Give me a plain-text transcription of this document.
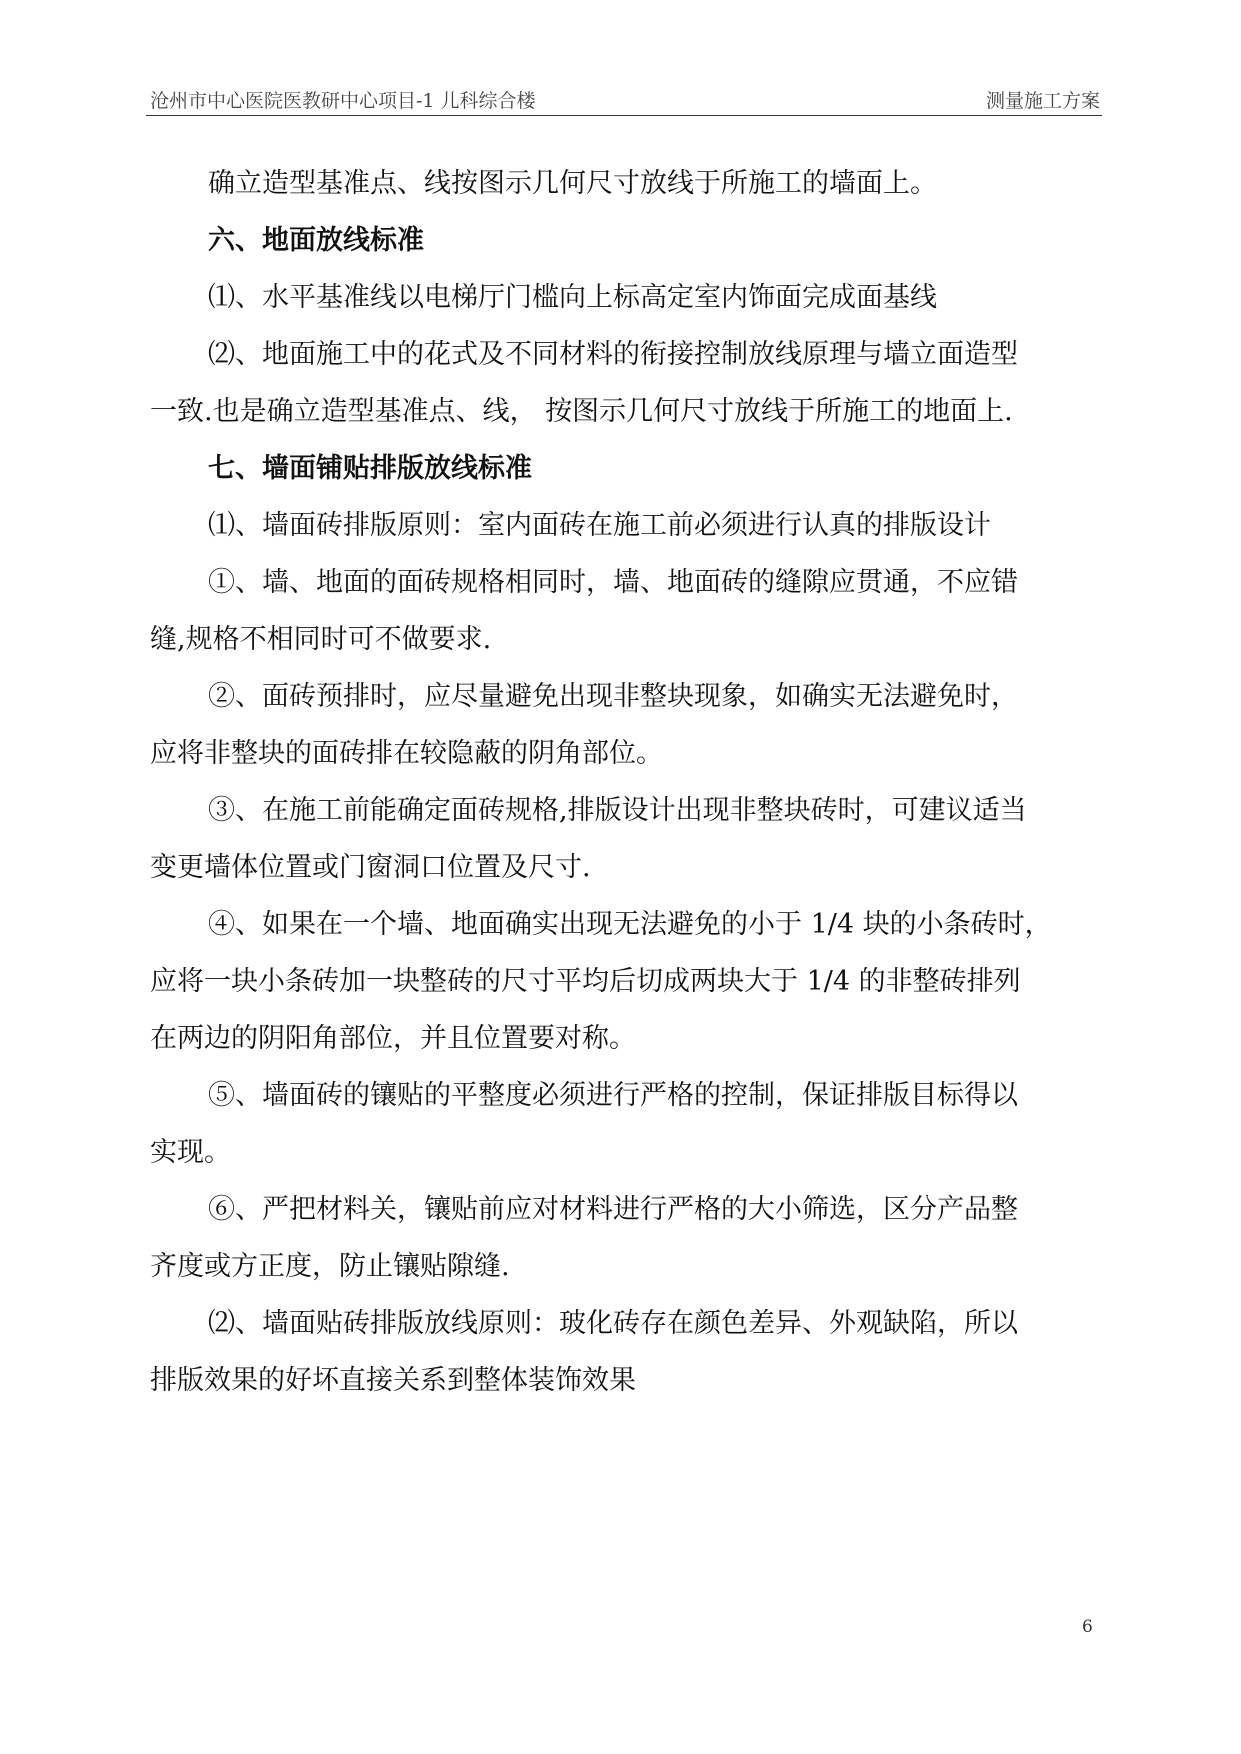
沧州市中心医院医教研中心项目-1 儿科综合楼	测量施工方案

确立造型基准点、线按图示几何尺寸放线于所施工的墙面上。

六、地面放线标准

⑴、水平基准线以电梯厅门槛向上标高定室内饰面完成面基线

⑵、地面施工中的花式及不同材料的衔接控制放线原理与墙立面造型

一致.也是确立造型基准点、线， 按图示几何尺寸放线于所施工的地面上.

七、墙面铺贴排版放线标准

⑴、墙面砖排版原则：室内面砖在施工前必须进行认真的排版设计

①、墙、地面的面砖规格相同时，墙、地面砖的缝隙应贯通，不应错

缝,规格不相同时可不做要求.

②、面砖预排时，应尽量避免出现非整块现象，如确实无法避免时，

应将非整块的面砖排在较隐蔽的阴角部位。

③、在施工前能确定面砖规格,排版设计出现非整块砖时，可建议适当

变更墙体位置或门窗洞口位置及尺寸.

④、如果在一个墙、地面确实出现无法避免的小于 1/4 块的小条砖时，

应将一块小条砖加一块整砖的尺寸平均后切成两块大于 1/4 的非整砖排列

在两边的阴阳角部位，并且位置要对称。

⑤、墙面砖的镶贴的平整度必须进行严格的控制，保证排版目标得以

实现。

⑥、严把材料关，镶贴前应对材料进行严格的大小筛选，区分产品整

齐度或方正度，防止镶贴隙缝.

⑵、墙面贴砖排版放线原则：玻化砖存在颜色差异、外观缺陷，所以

排版效果的好坏直接关系到整体装饰效果

6
